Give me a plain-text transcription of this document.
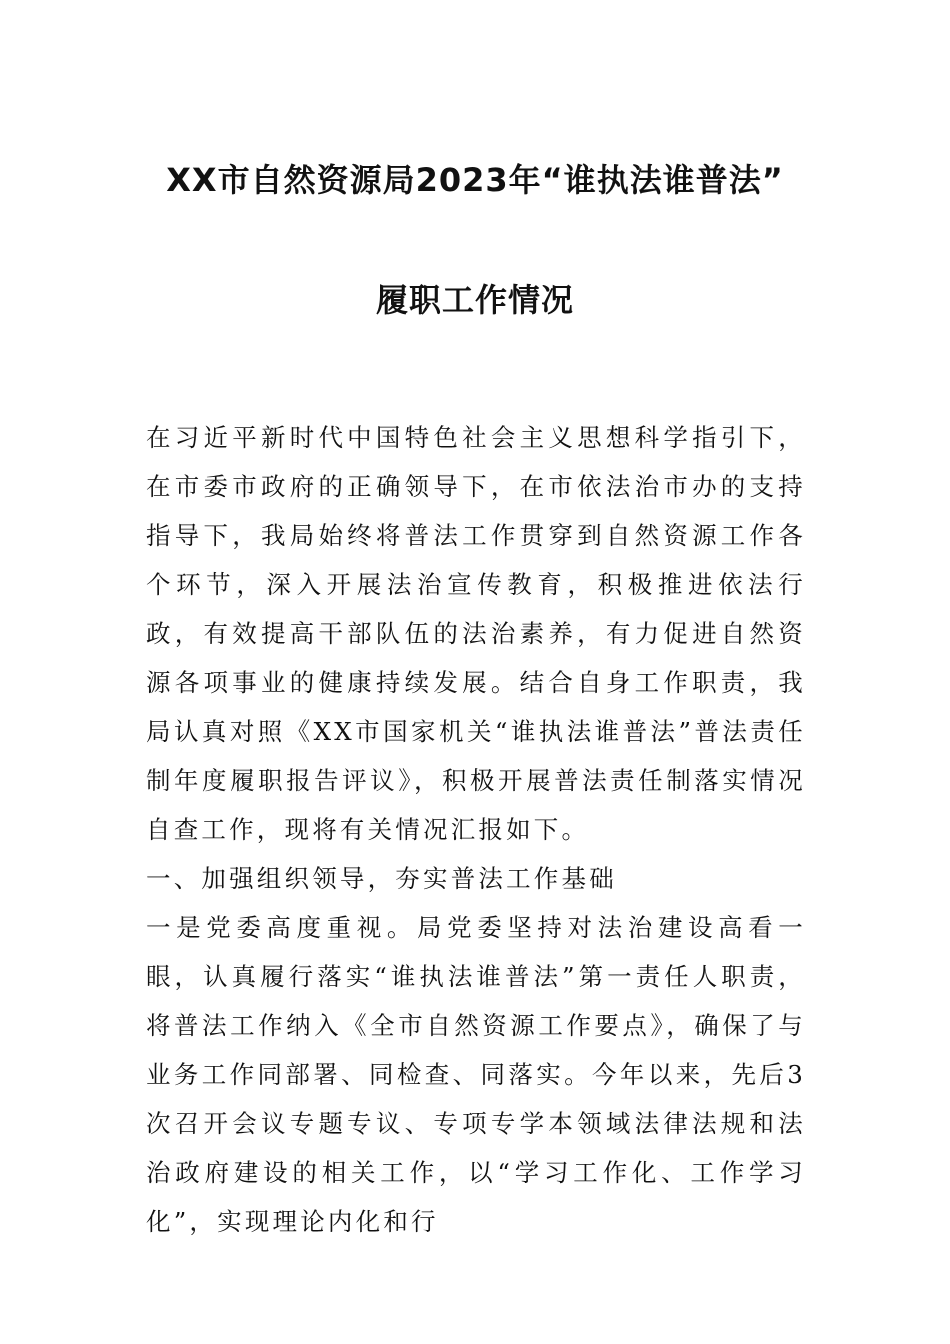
XX市自然资源局2023年“谁执法谁普法”
履职工作情况

在习近平新时代中国特色社会主义思想科学指引下，在市委市政府的正确领导下，在市依法治市办的支持指导下，我局始终将普法工作贯穿到自然资源工作各个环节，深入开展法治宣传教育，积极推进依法行政，有效提高干部队伍的法治素养，有力促进自然资源各项事业的健康持续发展。结合自身工作职责，我局认真对照《XX市国家机关“谁执法谁普法”普法责任制年度履职报告评议》，积极开展普法责任制落实情况自查工作，现将有关情况汇报如下。

一、加强组织领导，夯实普法工作基础

一是党委高度重视。局党委坚持对法治建设高看一眼，认真履行落实“谁执法谁普法”第一责任人职责，将普法工作纳入《全市自然资源工作要点》，确保了与业务工作同部署、同检查、同落实。今年以来，先后3次召开会议专题专议、专项专学本领域法律法规和法治政府建设的相关工作，以“学习工作化、工作学习化”，实现理论内化和行
